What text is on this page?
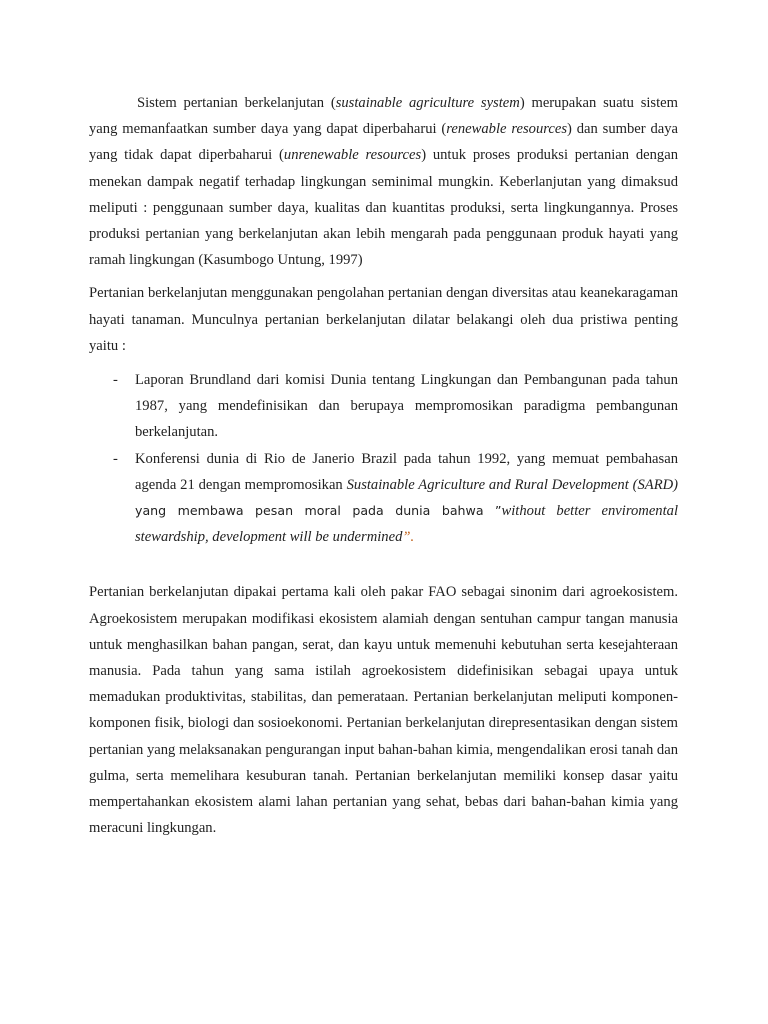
Sistem pertanian berkelanjutan (sustainable agriculture system) merupakan suatu sistem yang memanfaatkan sumber daya yang dapat diperbaharui (renewable resources) dan sumber daya yang tidak dapat diperbaharui (unrenewable resources) untuk proses produksi pertanian dengan menekan dampak negatif terhadap lingkungan seminimal mungkin. Keberlanjutan yang dimaksud meliputi : penggunaan sumber daya, kualitas dan kuantitas produksi, serta lingkungannya. Proses produksi pertanian yang berkelanjutan akan lebih mengarah pada penggunaan produk hayati yang ramah lingkungan (Kasumbogo Untung, 1997)

Pertanian berkelanjutan menggunakan pengolahan pertanian dengan diversitas atau keanekaragaman hayati tanaman. Munculnya pertanian berkelanjutan dilatar belakangi oleh dua pristiwa penting yaitu :

- Laporan Brundland dari komisi Dunia tentang Lingkungan dan Pembangunan pada tahun 1987, yang mendefinisikan dan berupaya mempromosikan paradigma pembangunan berkelanjutan.
- Konferensi dunia di Rio de Janerio Brazil pada tahun 1992, yang memuat pembahasan agenda 21 dengan mempromosikan Sustainable Agriculture and Rural Development (SARD) yang membawa pesan moral pada dunia bahwa ”without better enviromental stewardship, development will be undermined”.

Pertanian berkelanjutan dipakai pertama kali oleh pakar FAO sebagai sinonim dari agroekosistem. Agroekosistem merupakan modifikasi ekosistem alamiah dengan sentuhan campur tangan manusia untuk menghasilkan bahan pangan, serat, dan kayu untuk memenuhi kebutuhan serta kesejahteraan manusia. Pada tahun yang sama istilah agroekosistem didefinisikan sebagai upaya untuk memadukan produktivitas, stabilitas, dan pemerataan. Pertanian berkelanjutan meliputi komponen-komponen fisik, biologi dan sosioekonomi. Pertanian berkelanjutan direpresentasikan dengan sistem pertanian yang melaksanakan pengurangan input bahan-bahan kimia, mengendalikan erosi tanah dan gulma, serta memelihara kesuburan tanah. Pertanian berkelanjutan memiliki konsep dasar yaitu mempertahankan ekosistem alami lahan pertanian yang sehat, bebas dari bahan-bahan kimia yang meracuni lingkungan.
